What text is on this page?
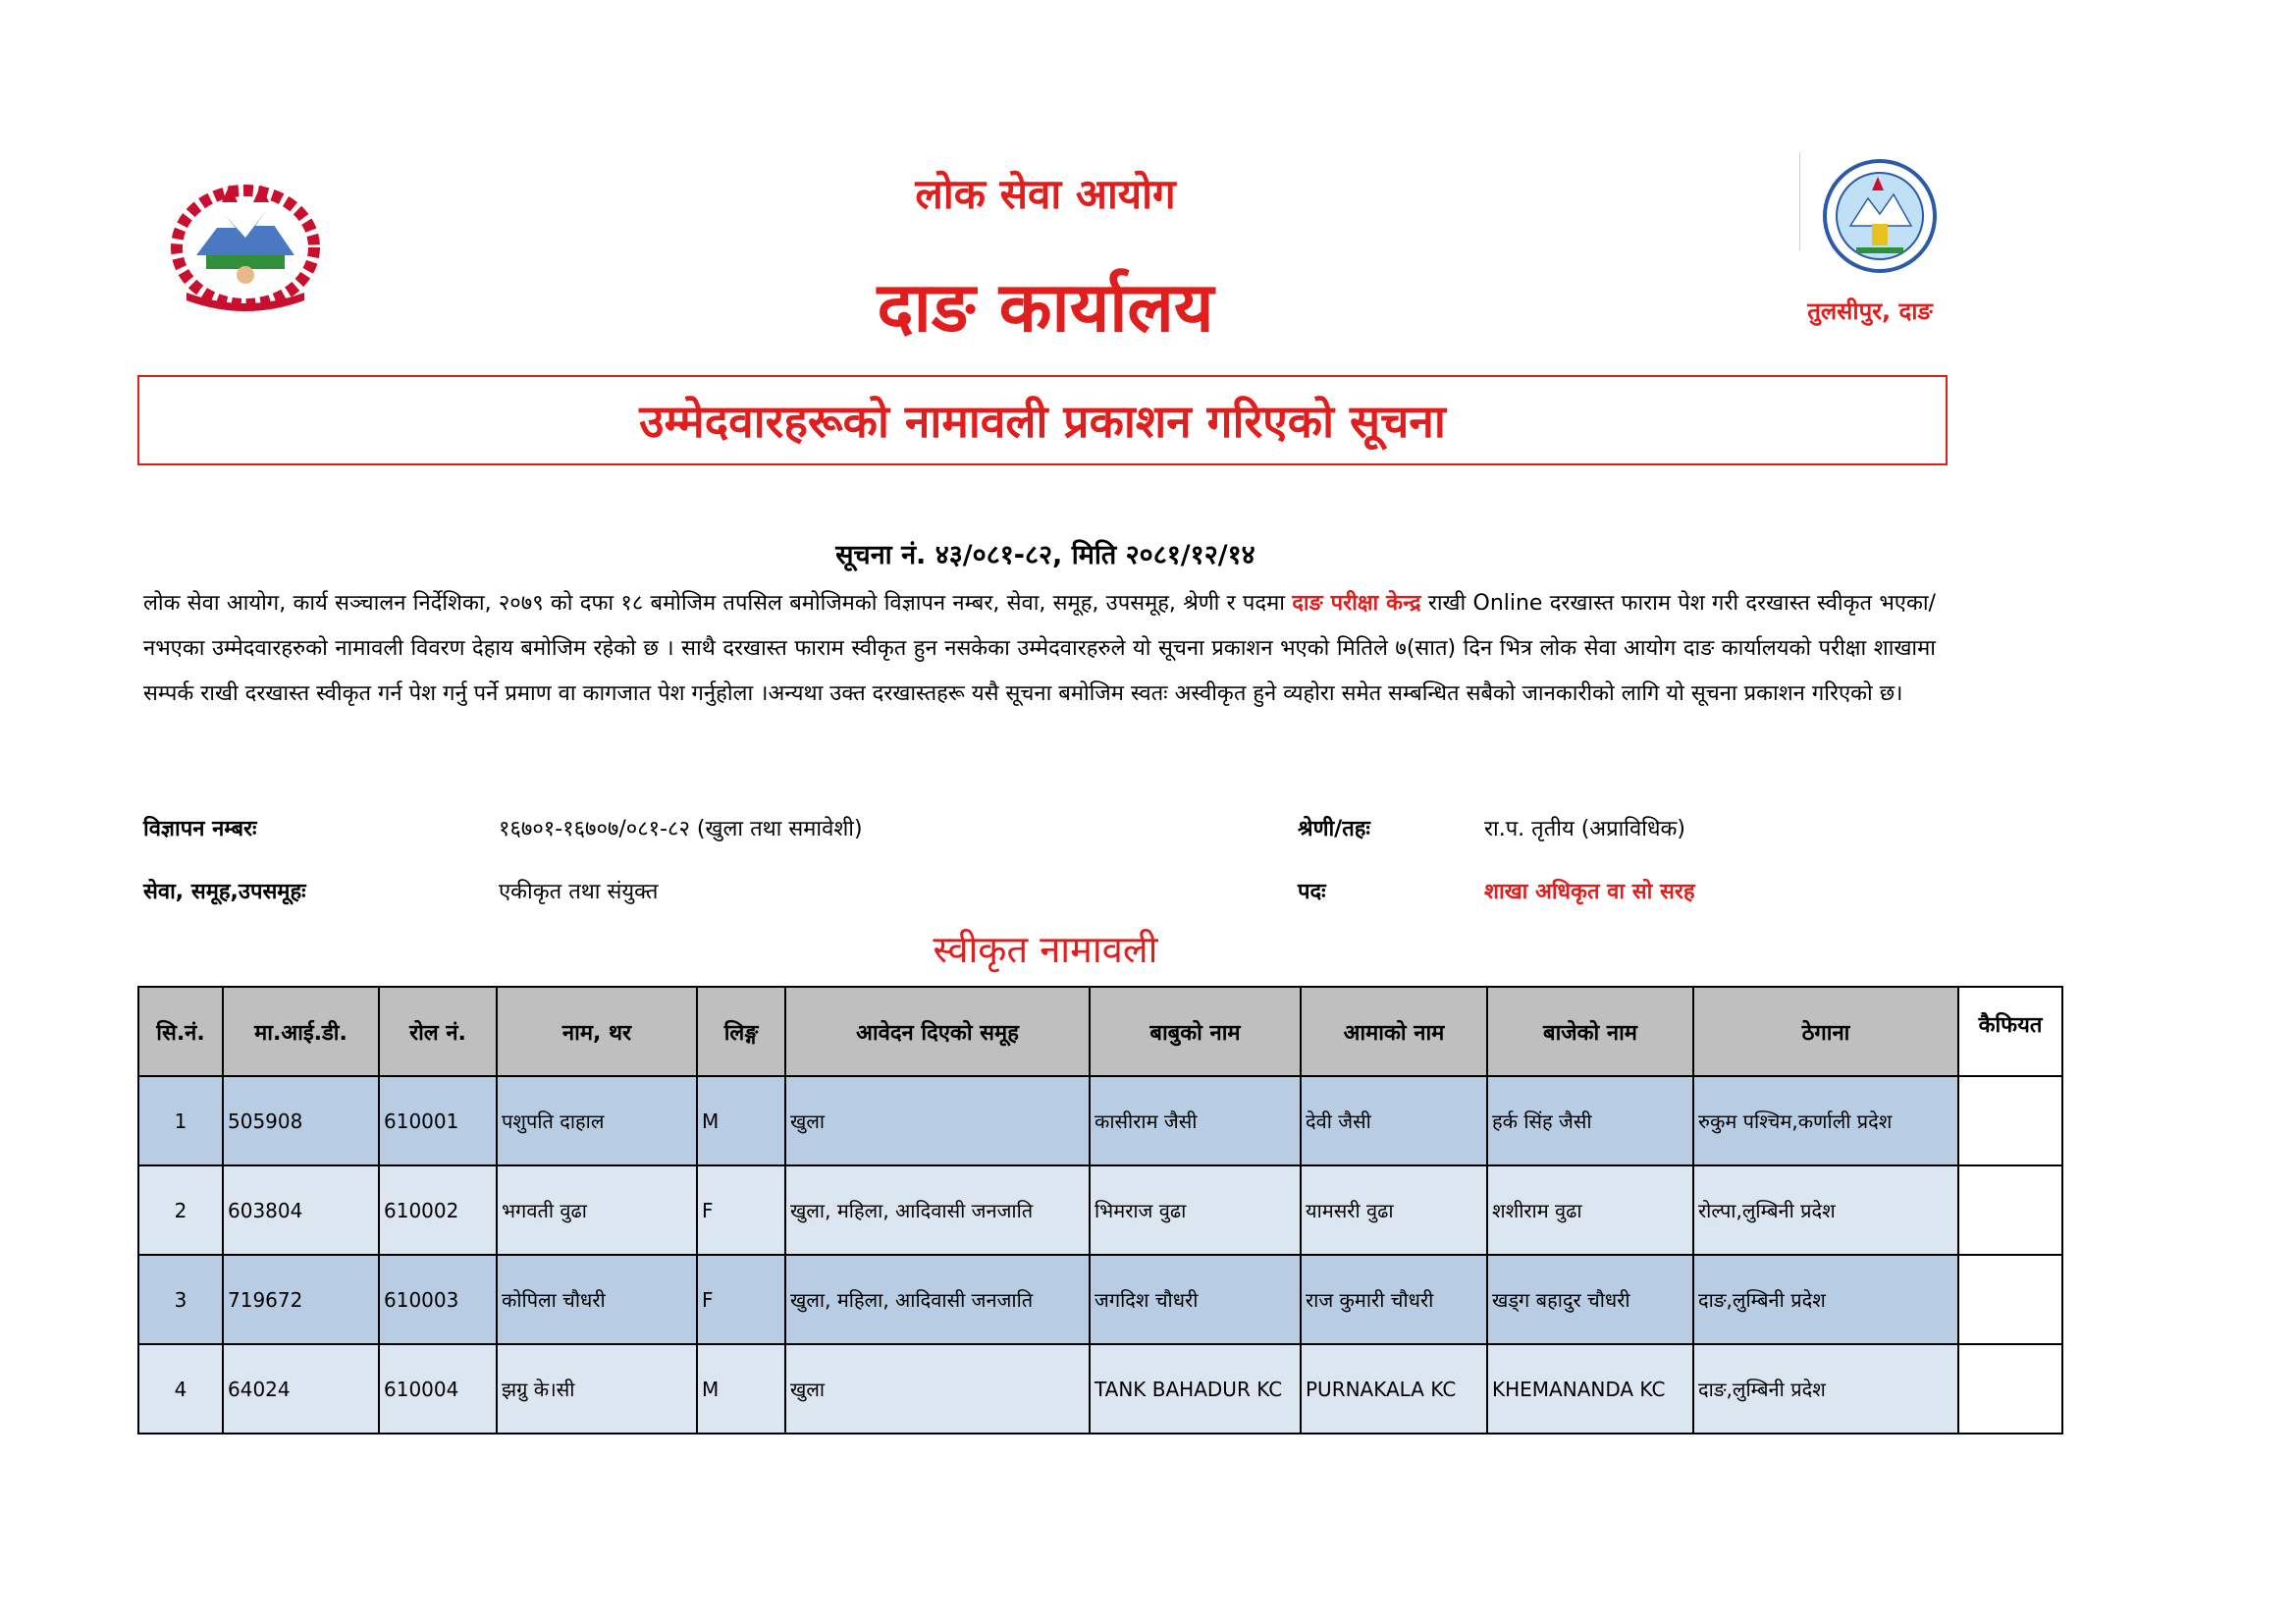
लोक सेवा आयोग
दाङ कार्यालय	तुलसीपुर, दाङ
उम्मेदवारहरूको नामावली प्रकाशन गरिएको सूचना
सूचना नं. ४३/०८१-८२, मिति २०८१/१२/१४
लोक सेवा आयोग, कार्य सञ्चालन निर्देशिका, २०७९ को दफा १८ बमोजिम तपसिल बमोजिमको विज्ञापन नम्बर, सेवा, समूह, उपसमूह, श्रेणी र पदमा दाङ परीक्षा केन्द्र राखी Online दरखास्त फाराम पेश गरी दरखास्त स्वीकृत भएका/नभएका उम्मेदवारहरुको नामावली विवरण देहाय बमोजिम रहेको छ । साथै दरखास्त फाराम स्वीकृत हुन नसकेका उम्मेदवारहरुले यो सूचना प्रकाशन भएको मितिले ७(सात) दिन भित्र लोक सेवा आयोग दाङ कार्यालयको परीक्षा शाखामा सम्पर्क राखी दरखास्त स्वीकृत गर्न पेश गर्नु पर्ने प्रमाण वा कागजात पेश गर्नुहोला ।अन्यथा उक्त दरखास्तहरू यसै सूचना बमोजिम स्वतः अस्वीकृत हुने व्यहोरा समेत सम्बन्धित सबैको जानकारीको लागि यो सूचना प्रकाशन गरिएको छ।
विज्ञापन नम्बरः	१६७०१-१६७०७/०८१-८२ (खुला तथा समावेशी)	श्रेणी/तहः	रा.प. तृतीय (अप्राविधिक)
सेवा, समूह,उपसमूहः	एकीकृत तथा संयुक्त	पदः	शाखा अधिकृत वा सो सरह
स्वीकृत नामावली
सि.नं.	मा.आई.डी.	रोल नं.	नाम, थर	लिङ्ग	आवेदन दिएको समूह	बाबुको नाम	आमाको नाम	बाजेको नाम	ठेगाना	कैफियत
1	505908	610001	पशुपति दाहाल	M	खुला	कासीराम जैसी	देवी जैसी	हर्क सिंह जैसी	रुकुम पश्चिम,कर्णाली प्रदेश	
2	603804	610002	भगवती वुढा	F	खुला, महिला, आदिवासी जनजाति	भिमराज वुढा	यामसरी वुढा	शशीराम वुढा	रोल्पा,लुम्बिनी प्रदेश	
3	719672	610003	कोपिला चौधरी	F	खुला, महिला, आदिवासी जनजाति	जगदिश चौधरी	राज कुमारी चौधरी	खड्ग बहादुर चौधरी	दाङ,लुम्बिनी प्रदेश	
4	64024	610004	झग्रु के।सी	M	खुला	TANK BAHADUR KC	PURNAKALA KC	KHEMANANDA KC	दाङ,लुम्बिनी प्रदेश	
